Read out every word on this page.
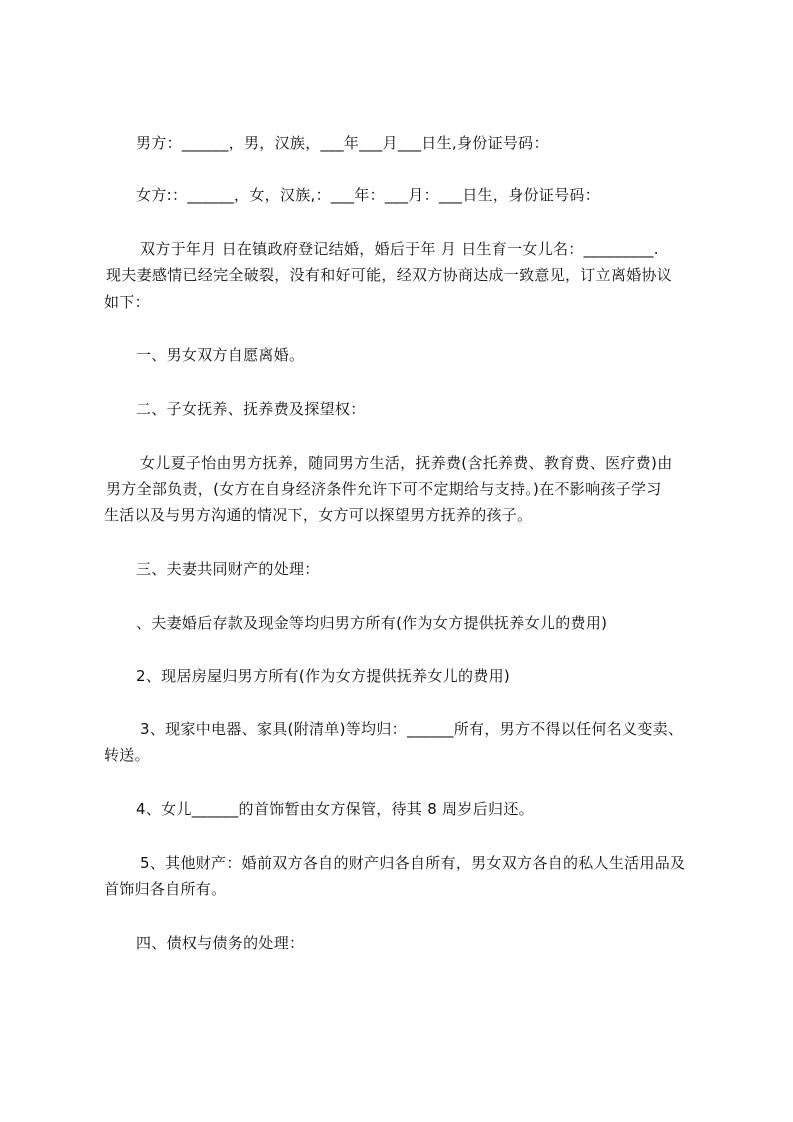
男方：______，男，汉族，___年___月___日生,身份证号码：
女方:：______，女，汉族,：___年：___月：___日生，身份证号码：
双方于年月 日在镇政府登记结婚，婚后于年 月 日生育一女儿名：_________.
现夫妻感情已经完全破裂，没有和好可能，经双方协商达成一致意见，订立离婚协议
如下：
一、男女双方自愿离婚。
二、子女抚养、抚养费及探望权：
女儿夏子怡由男方抚养，随同男方生活，抚养费(含托养费、教育费、医疗费)由
男方全部负责，(女方在自身经济条件允许下可不定期给与支持。)在不影响孩子学习
生活以及与男方沟通的情况下，女方可以探望男方抚养的孩子。
三、夫妻共同财产的处理：
、夫妻婚后存款及现金等均归男方所有(作为女方提供抚养女儿的费用)
2、现居房屋归男方所有(作为女方提供抚养女儿的费用)
3、现家中电器、家具(附清单)等均归：______所有，男方不得以任何名义变卖、
转送。
4、女儿______的首饰暂由女方保管，待其 8 周岁后归还。
5、其他财产：婚前双方各自的财产归各自所有，男女双方各自的私人生活用品及
首饰归各自所有。
四、债权与债务的处理：
